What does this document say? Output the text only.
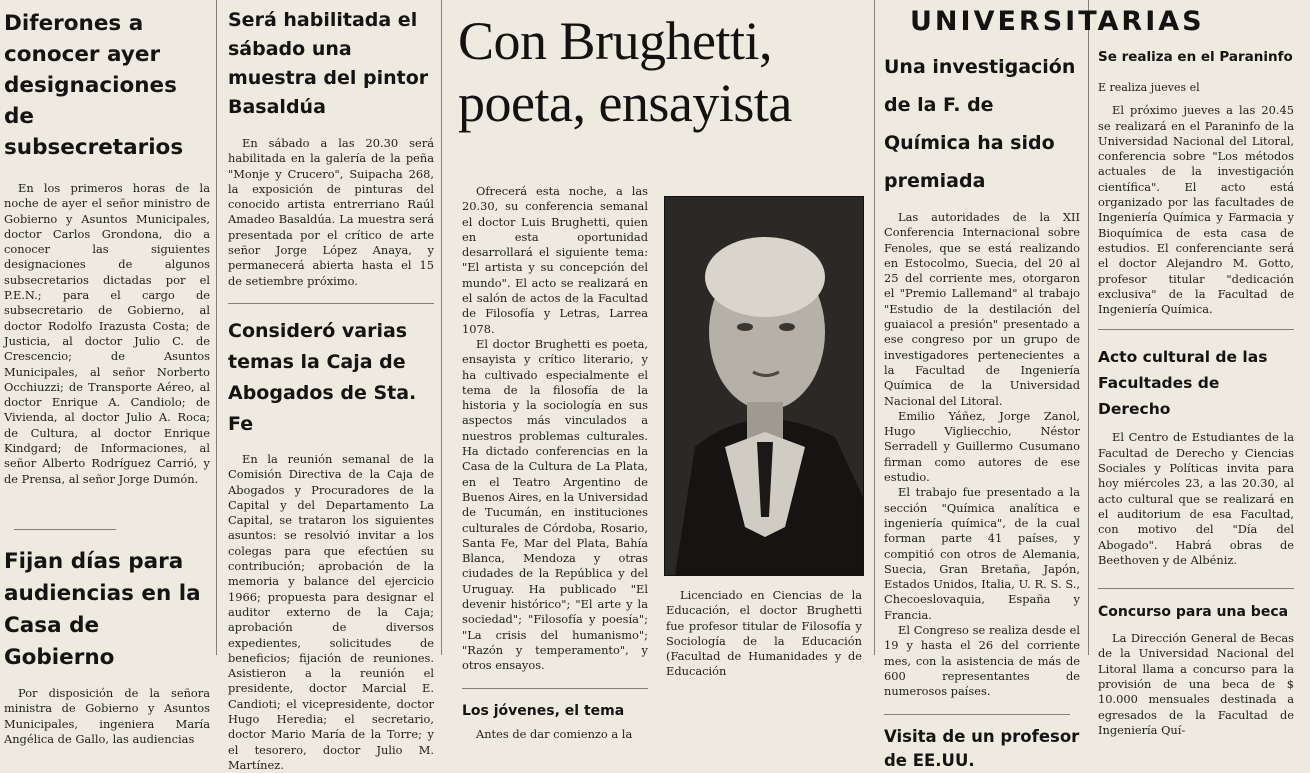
Diferones a conocer ayer designaciones de subsecretarios

En los primeros horas de la noche de ayer el señor ministro de Gobierno y Asuntos Municipales, doctor Carlos Grondona, dio a conocer las siguientes designaciones de algunos subsecretarios dictadas por el P.E.N.; para el cargo de subsecretario de Gobierno, al doctor Rodolfo Irazusta Costa; de Justicia, al doctor Julio C. de Crescencio; de Asuntos Municipales, al señor Norberto Occhiuzzi; de Transporte Aéreo, al doctor Enrique A. Candiolo; de Vivienda, al doctor Julio A. Roca; de Cultura, al doctor Enrique Kindgard; de Informaciones, al señor Alberto Rodríguez Carrió, y de Prensa, al señor Jorge Dumón.

Fijan días para audiencias en la Casa de Gobierno

Por disposición de la señora ministra de Gobierno y Asuntos Municipales, ingeniera María Angélica de Gallo, las audiencias

Será habilitada el sábado una muestra del pintor Basaldúa

En sábado a las 20.30 será habilitada en la galería de la peña "Monje y Crucero", Suipacha 268, la exposición de pinturas del conocido artista entrerriano Raúl Amadeo Basaldúa. La muestra será presentada por el crítico de arte señor Jorge López Anaya, y permanecerá abierta hasta el 15 de setiembre próximo.

Consideró varias temas la Caja de Abogados de Sta. Fe

En la reunión semanal de la Comisión Directiva de la Caja de Abogados y Procuradores de la Capital y del Departamento La Capital, se trataron los siguientes asuntos: se resolvió invitar a los colegas para que efectúen su contribución; aprobación de la memoria y balance del ejercicio 1966; propuesta para designar el auditor externo de la Caja; aprobación de diversos expedientes, solicitudes de beneficios; fijación de reuniones. Asistieron a la reunión el presidente, doctor Marcial E. Candioti; el vicepresidente, doctor Hugo Heredia; el secretario, doctor Mario María de la Torre; y el tesorero, doctor Julio M. Martínez.

Con Brughetti, poeta, ensayista

Ofrecerá esta noche, a las 20.30, su conferencia semanal el doctor Luis Brughetti, quien en esta oportunidad desarrollará el siguiente tema: "El artista y su concepción del mundo". El acto se realizará en el salón de actos de la Facultad de Filosofía y Letras, Larrea 1078.

El doctor Brughetti es poeta, ensayista y crítico literario, y ha cultivado especialmente el tema de la filosofía de la historia y la sociología en sus aspectos más vinculados a nuestros problemas culturales. Ha dictado conferencias en la Casa de la Cultura de La Plata, en el Teatro Argentino de Buenos Aires, en la Universidad de Tucumán, en instituciones culturales de Córdoba, Rosario, Santa Fe, Mar del Plata, Bahía Blanca, Mendoza y otras ciudades de la República y del Uruguay. Ha publicado "El devenir histórico"; "El arte y la sociedad"; "Filosofía y poesía"; "La crisis del humanismo"; "Razón y temperamento", y otros ensayos.

Los jóvenes, el tema

Antes de dar comienzo a la

Licenciado en Ciencias de la Educación, el doctor Brughetti fue profesor titular de Filosofía y Sociología de la Educación (Facultad de Humanidades y de Educación

UNIVERSITARIAS
Una investigación de la F. de Química ha sido premiada

Las autoridades de la XII Conferencia Internacional sobre Fenoles, que se está realizando en Estocolmo, Suecia, del 20 al 25 del corriente mes, otorgaron el "Premio Lallemand" al trabajo "Estudio de la destilación del guaiacol a presión" presentado a ese congreso por un grupo de investigadores pertenecientes a la Facultad de Ingeniería Química de la Universidad Nacional del Litoral.

Emilio Yáñez, Jorge Zanol, Hugo Vigliecchio, Néstor Serradell y Guillermo Cusumano firman como autores de ese estudio.

El trabajo fue presentado a la sección "Química analítica e ingeniería química", de la cual forman parte 41 países, y compitió con otros de Alemania, Suecia, Gran Bretaña, Japón, Estados Unidos, Italia, U. R. S. S., Checoeslovaquia, España y Francia.

El Congreso se realiza desde el 19 y hasta el 26 del corriente mes, con la asistencia de más de 600 representantes de numerosos países.

Visita de un profesor de EE.UU.
Se realiza en el Paraninfo
E realiza jueves el

El próximo jueves a las 20.45 se realizará en el Paraninfo de la Universidad Nacional del Litoral, conferencia sobre "Los métodos actuales de la investigación científica". El acto está organizado por las facultades de Ingeniería Química y Farmacia y Bioquímica de esta casa de estudios. El conferenciante será el doctor Alejandro M. Gotto, profesor titular "dedicación exclusiva" de la Facultad de Ingeniería Química.

Acto cultural de las Facultades de Derecho

El Centro de Estudiantes de la Facultad de Derecho y Ciencias Sociales y Políticas invita para hoy miércoles 23, a las 20.30, al acto cultural que se realizará en el auditorium de esa Facultad, con motivo del "Día del Abogado". Habrá obras de Beethoven y de Albéniz.

Concurso para una beca

La Dirección General de Becas de la Universidad Nacional del Litoral llama a concurso para la provisión de una beca de $ 10.000 mensuales destinada a egresados de la Facultad de Ingeniería Quí-
